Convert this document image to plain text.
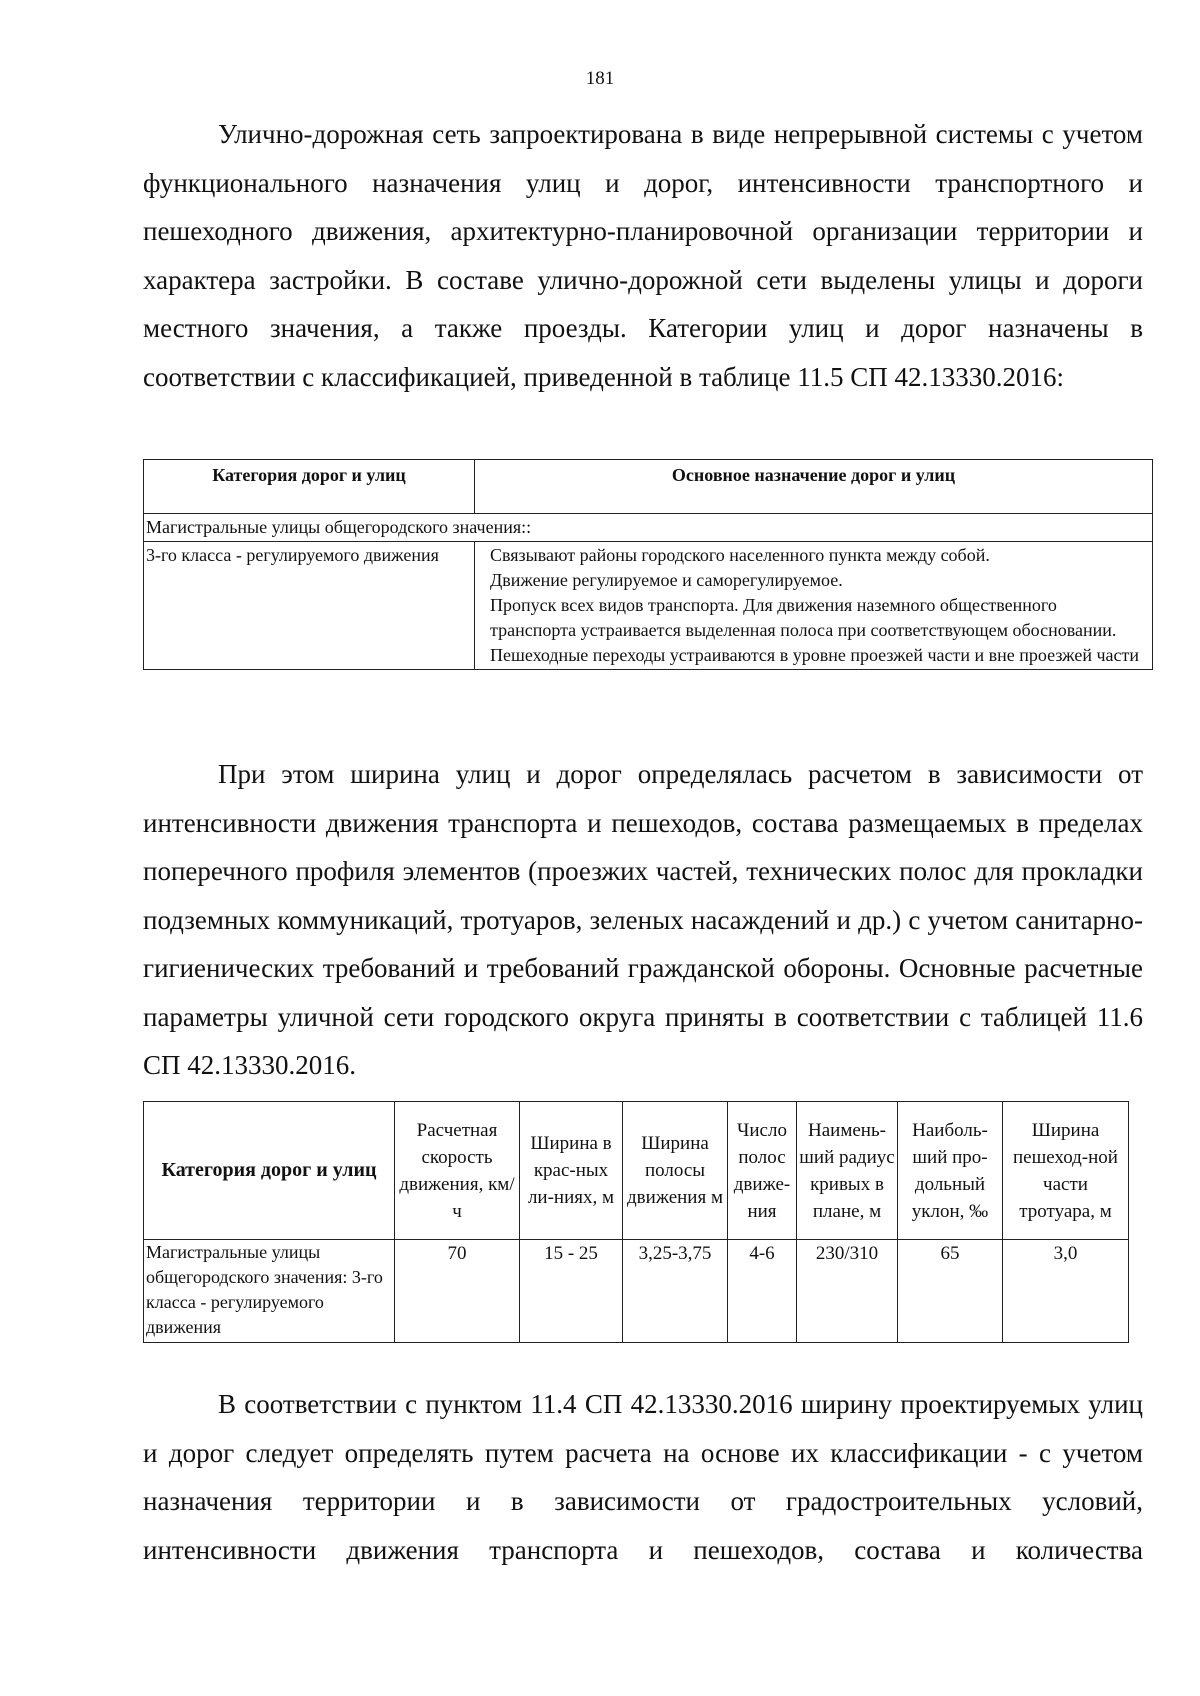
181

Улично-дорожная сеть запроектирована в виде непрерывной системы с учетом функционального назначения улиц и дорог, интенсивности транспортного и пешеходного движения, архитектурно-планировочной организации территории и характера застройки. В составе улично-дорожной сети выделены улицы и дороги местного значения, а также проезды. Категории улиц и дорог назначены в соответствии с классификацией, приведенной в таблице 11.5 СП 42.13330.2016:

Категория дорог и улиц	Основное назначение дорог и улиц
Магистральные улицы общегородского значения::	
3-го класса - регулируемого движения	Связывают районы городского населенного пункта между собой.
Движение регулируемое и саморегулируемое.
Пропуск всех видов транспорта. Для движения наземного общественного транспорта устраивается выделенная полоса при соответствующем обосновании.
Пешеходные переходы устраиваются в уровне проезжей части и вне проезжей части

При этом ширина улиц и дорог определялась расчетом в зависимости от интенсивности движения транспорта и пешеходов, состава размещаемых в пределах поперечного профиля элементов (проезжих частей, технических полос для прокладки подземных коммуникаций, тротуаров, зеленых насаждений и др.) с учетом санитарно-гигиенических требований и требований гражданской обороны. Основные расчетные параметры уличной сети городского округа приняты в соответствии с таблицей 11.6 СП 42.13330.2016.

Категория дорог и улиц	Расчетная скорость движения, км/ч	Ширина в крас-ных ли-ниях, м	Ширина полосы движения м	Число полос движе-ния	Наимень-ший радиус кривых в плане, м	Наиболь-ший про-дольный уклон, ‰	Ширина пешеход-ной части тротуара, м
Магистральные улицы общегородского значения: 3-го класса - регулируемого движения	70	15 - 25	3,25-3,75	4-6	230/310	65	3,0

В соответствии с пунктом 11.4 СП 42.13330.2016 ширину проектируемых улиц и дорог следует определять путем расчета на основе их классификации - с учетом назначения территории и в зависимости от градостроительных условий, интенсивности движения транспорта и пешеходов, состава и количества
